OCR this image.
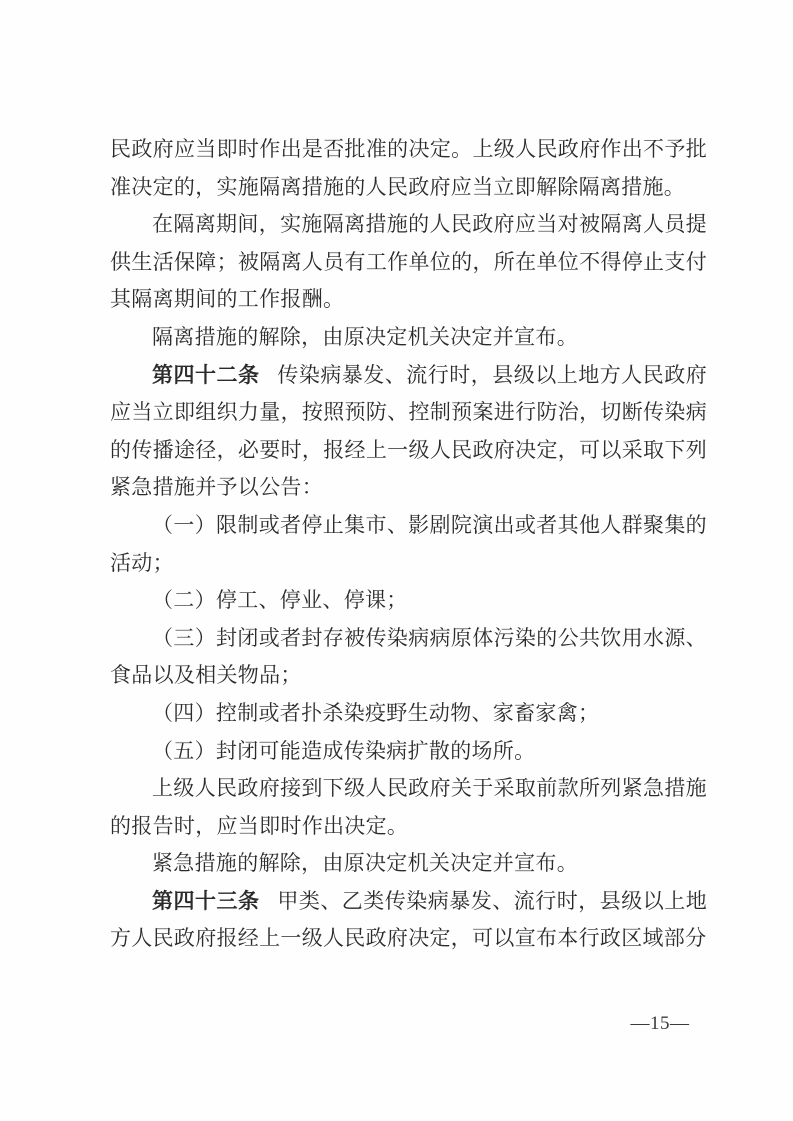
民政府应当即时作出是否批准的决定。上级人民政府作出不予批准决定的，实施隔离措施的人民政府应当立即解除隔离措施。

在隔离期间，实施隔离措施的人民政府应当对被隔离人员提供生活保障；被隔离人员有工作单位的，所在单位不得停止支付其隔离期间的工作报酬。

隔离措施的解除，由原决定机关决定并宣布。

第四十二条 传染病暴发、流行时，县级以上地方人民政府应当立即组织力量，按照预防、控制预案进行防治，切断传染病的传播途径，必要时，报经上一级人民政府决定，可以采取下列紧急措施并予以公告：

（一）限制或者停止集市、影剧院演出或者其他人群聚集的活动；

（二）停工、停业、停课；

（三）封闭或者封存被传染病病原体污染的公共饮用水源、食品以及相关物品；

（四）控制或者扑杀染疫野生动物、家畜家禽；

（五）封闭可能造成传染病扩散的场所。

上级人民政府接到下级人民政府关于采取前款所列紧急措施的报告时，应当即时作出决定。

紧急措施的解除，由原决定机关决定并宣布。

第四十三条 甲类、乙类传染病暴发、流行时，县级以上地方人民政府报经上一级人民政府决定，可以宣布本行政区域部分

—15—
